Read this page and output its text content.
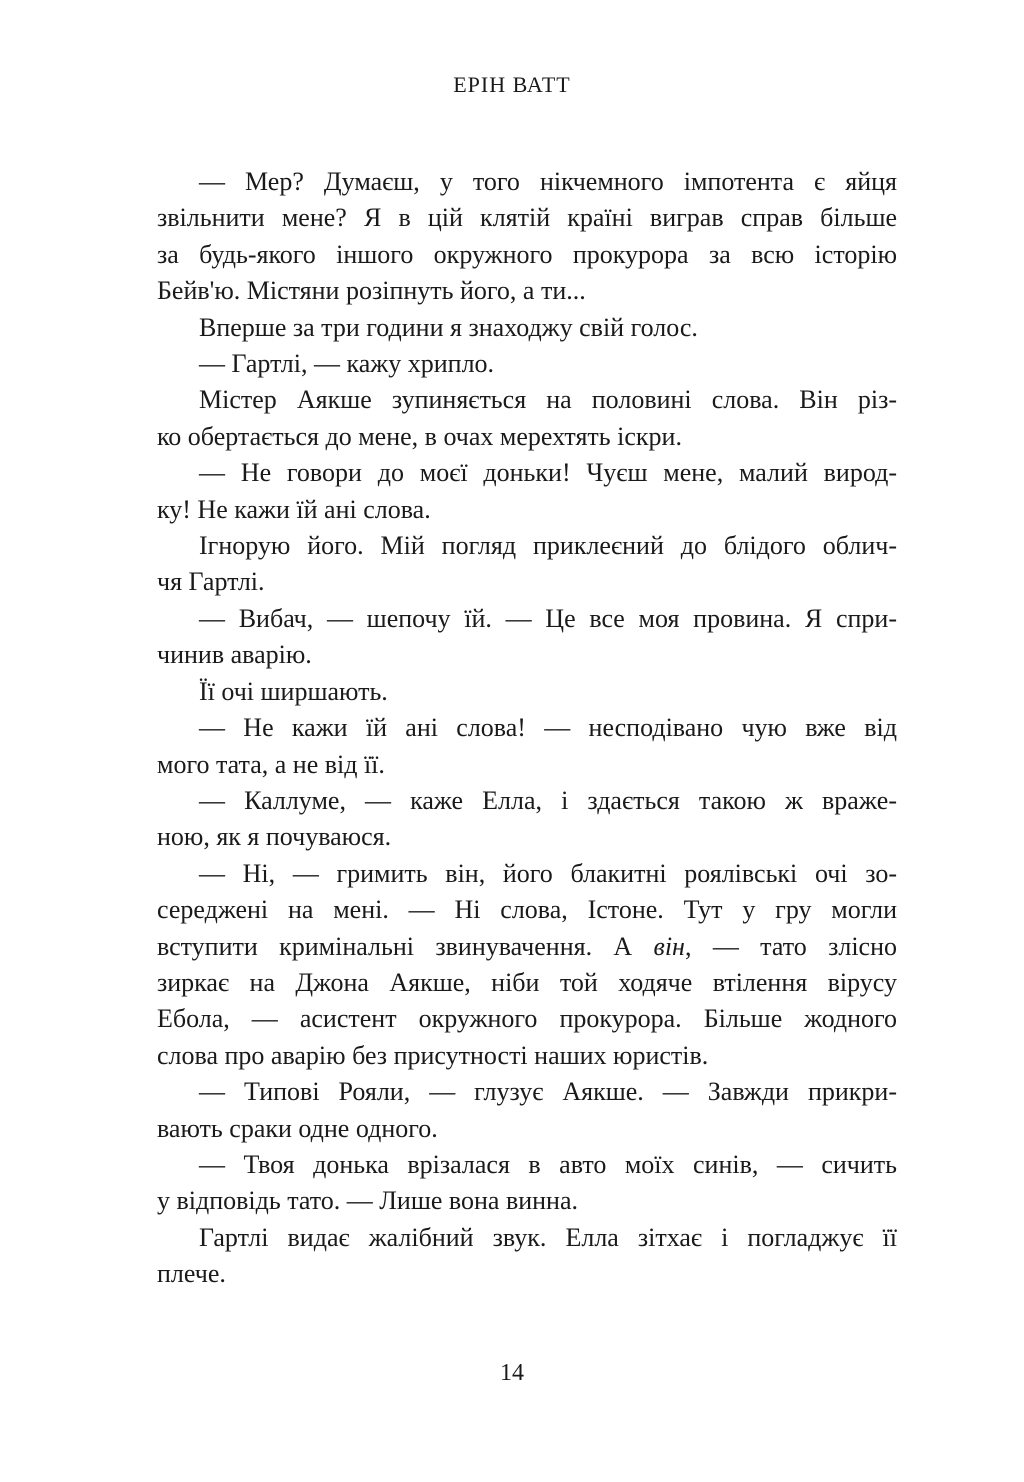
ЕРІН ВАТТ
— Мер? Думаєш, у того нікчемного імпотента є яйця
звільнити мене? Я в цій клятій країні виграв справ більше
за будь-якого іншого окружного прокурора за всю історію
Бейв'ю. Містяни розіпнуть його, а ти...
Вперше за три години я знаходжу свій голос.
— Гартлі, — кажу хрипло.
Містер Аякше зупиняється на половині слова. Він різ-
ко обертається до мене, в очах мерехтять іскри.
— Не говори до моєї доньки! Чуєш мене, малий вирод-
ку! Не кажи їй ані слова.
Ігнорую його. Мій погляд приклеєний до блідого облич-
чя Гартлі.
— Вибач, — шепочу їй. — Це все моя провина. Я спри-
чинив аварію.
Її очі ширшають.
— Не кажи їй ані слова! — несподівано чую вже від
мого тата, а не від її.
— Каллуме, — каже Елла, і здається такою ж вражe-
ною, як я почуваюся.
— Ні, — гримить він, його блакитні роялівські очі зо-
середжені на мені. — Ні слова, Істоне. Тут у гру могли
вступити кримінальні звинувачення. А він, — тато злісно
зиркає на Джона Аякше, ніби той ходяче втілення вірусу
Ебола, — асистент окружного прокурора. Більше жодного
слова про аварію без присутності наших юристів.
— Типові Рояли, — глузує Аякше. — Завжди прикри-
вають сраки одне одного.
— Твоя донька врізалася в авто моїх синів, — сичить
у відповідь тато. — Лише вона винна.
Гартлі видає жалібний звук. Елла зітхає і погладжує її
плече.
14
